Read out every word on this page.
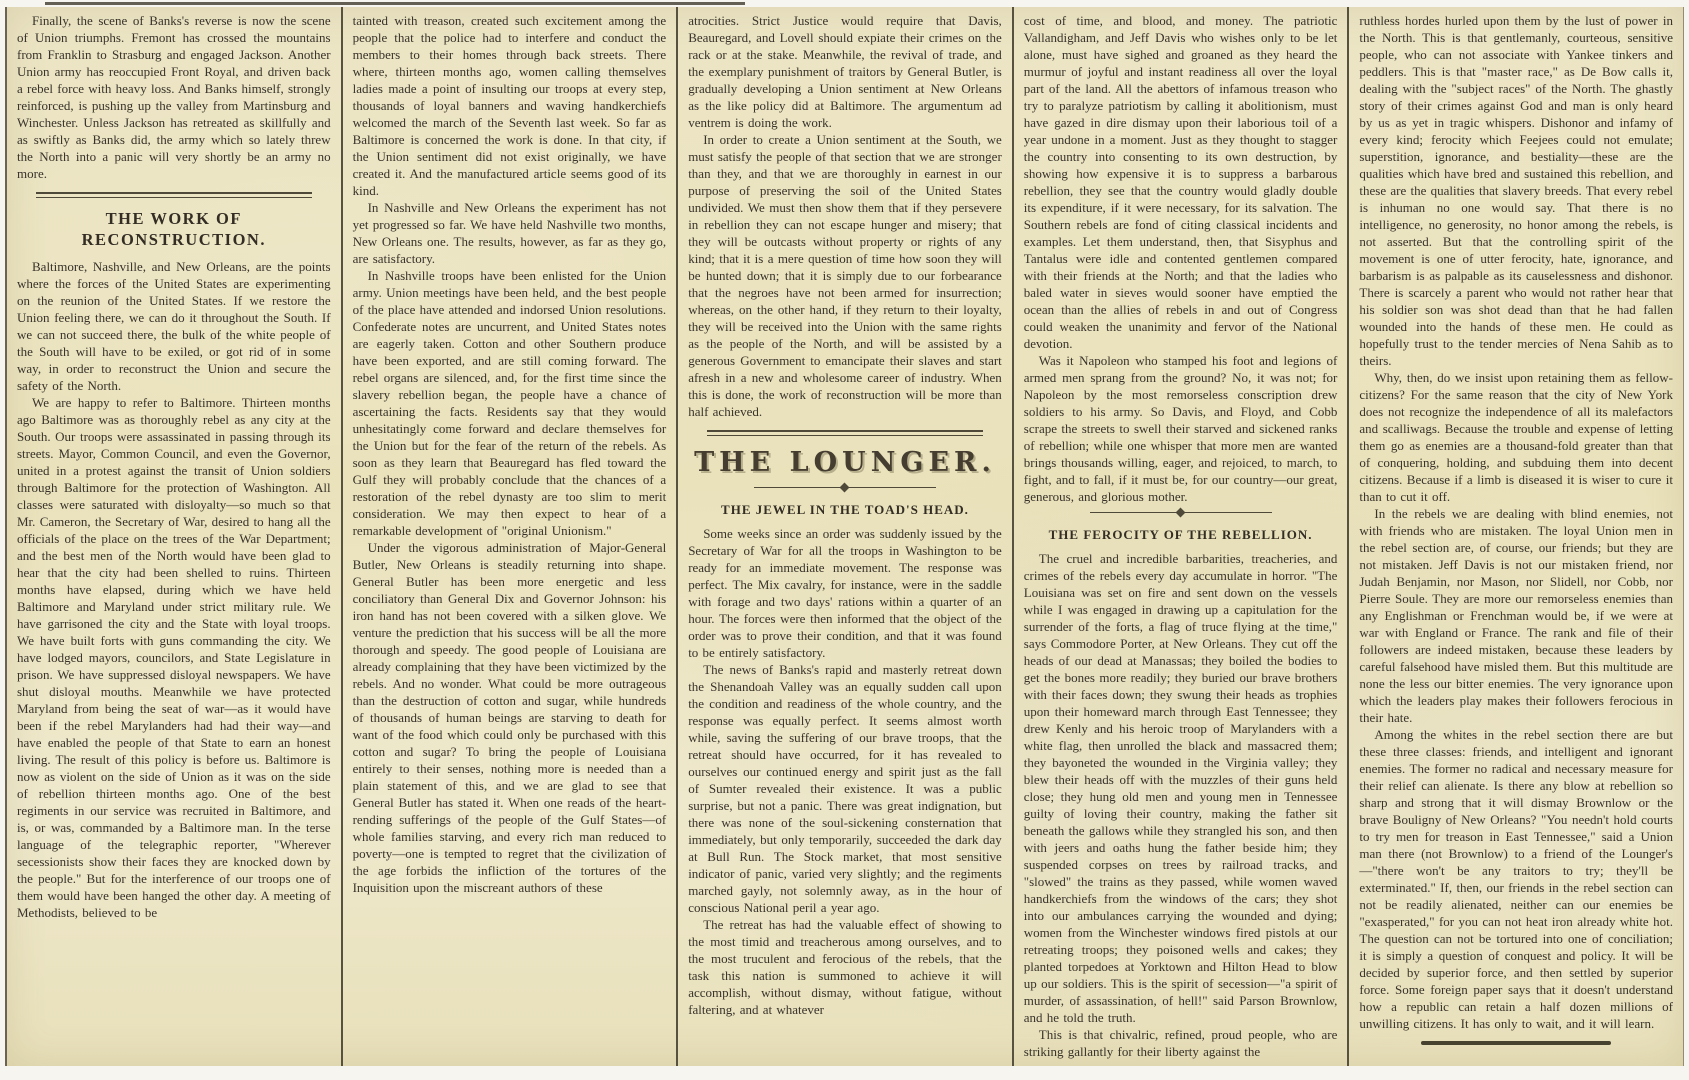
Finally, the scene of Banks's reverse is now the scene of Union triumphs. Fremont has crossed the mountains from Franklin to Strasburg and engaged Jackson. Another Union army has reoccupied Front Royal, and driven back a rebel force with heavy loss. And Banks himself, strongly reinforced, is pushing up the valley from Martinsburg and Winchester. Unless Jackson has retreated as skillfully and as swiftly as Banks did, the army which so lately threw the North into a panic will very shortly be an army no more.

THE WORK OF RECONSTRUCTION.

Baltimore, Nashville, and New Orleans, are the points where the forces of the United States are experimenting on the reunion of the United States. If we restore the Union feeling there, we can do it throughout the South. If we can not succeed there, the bulk of the white people of the South will have to be exiled, or got rid of in some way, in order to reconstruct the Union and secure the safety of the North.

We are happy to refer to Baltimore. Thirteen months ago Baltimore was as thoroughly rebel as any city at the South. Our troops were assassinated in passing through its streets. Mayor, Common Council, and even the Governor, united in a protest against the transit of Union soldiers through Baltimore for the protection of Washington. All classes were saturated with disloyalty—so much so that Mr. Cameron, the Secretary of War, desired to hang all the officials of the place on the trees of the War Department; and the best men of the North would have been glad to hear that the city had been shelled to ruins. Thirteen months have elapsed, during which we have held Baltimore and Maryland under strict military rule. We have garrisoned the city and the State with loyal troops. We have built forts with guns commanding the city. We have lodged mayors, councilors, and State Legislature in prison. We have suppressed disloyal newspapers. We have shut disloyal mouths. Meanwhile we have protected Maryland from being the seat of war—as it would have been if the rebel Marylanders had had their way—and have enabled the people of that State to earn an honest living. The result of this policy is before us. Baltimore is now as violent on the side of Union as it was on the side of rebellion thirteen months ago. One of the best regiments in our service was recruited in Baltimore, and is, or was, commanded by a Baltimore man. In the terse language of the telegraphic reporter, "Wherever secessionists show their faces they are knocked down by the people." But for the interference of our troops one of them would have been hanged the other day. A meeting of Methodists, believed to be

tainted with treason, created such excitement among the people that the police had to interfere and conduct the members to their homes through back streets. There where, thirteen months ago, women calling themselves ladies made a point of insulting our troops at every step, thousands of loyal banners and waving handkerchiefs welcomed the march of the Seventh last week. So far as Baltimore is concerned the work is done. In that city, if the Union sentiment did not exist originally, we have created it. And the manufactured article seems good of its kind.

In Nashville and New Orleans the experiment has not yet progressed so far. We have held Nashville two months, New Orleans one. The results, however, as far as they go, are satisfactory.

In Nashville troops have been enlisted for the Union army. Union meetings have been held, and the best people of the place have attended and indorsed Union resolutions. Confederate notes are uncurrent, and United States notes are eagerly taken. Cotton and other Southern produce have been exported, and are still coming forward. The rebel organs are silenced, and, for the first time since the slavery rebellion began, the people have a chance of ascertaining the facts. Residents say that they would unhesitatingly come forward and declare themselves for the Union but for the fear of the return of the rebels. As soon as they learn that Beauregard has fled toward the Gulf they will probably conclude that the chances of a restoration of the rebel dynasty are too slim to merit consideration. We may then expect to hear of a remarkable development of "original Unionism."

Under the vigorous administration of Major-General Butler, New Orleans is steadily returning into shape. General Butler has been more energetic and less conciliatory than General Dix and Governor Johnson: his iron hand has not been covered with a silken glove. We venture the prediction that his success will be all the more thorough and speedy. The good people of Louisiana are already complaining that they have been victimized by the rebels. And no wonder. What could be more outrageous than the destruction of cotton and sugar, while hundreds of thousands of human beings are starving to death for want of the food which could only be purchased with this cotton and sugar? To bring the people of Louisiana entirely to their senses, nothing more is needed than a plain statement of this, and we are glad to see that General Butler has stated it. When one reads of the heart-rending sufferings of the people of the Gulf States—of whole families starving, and every rich man reduced to poverty—one is tempted to regret that the civilization of the age forbids the infliction of the tortures of the Inquisition upon the miscreant authors of these

atrocities. Strict Justice would require that Davis, Beauregard, and Lovell should expiate their crimes on the rack or at the stake. Meanwhile, the revival of trade, and the exemplary punishment of traitors by General Butler, is gradually developing a Union sentiment at New Orleans as the like policy did at Baltimore. The argumentum ad ventrem is doing the work.

In order to create a Union sentiment at the South, we must satisfy the people of that section that we are stronger than they, and that we are thoroughly in earnest in our purpose of preserving the soil of the United States undivided. We must then show them that if they persevere in rebellion they can not escape hunger and misery; that they will be outcasts without property or rights of any kind; that it is a mere question of time how soon they will be hunted down; that it is simply due to our forbearance that the negroes have not been armed for insurrection; whereas, on the other hand, if they return to their loyalty, they will be received into the Union with the same rights as the people of the North, and will be assisted by a generous Government to emancipate their slaves and start afresh in a new and wholesome career of industry. When this is done, the work of reconstruction will be more than half achieved.

THE LOUNGER.
THE JEWEL IN THE TOAD'S HEAD.

Some weeks since an order was suddenly issued by the Secretary of War for all the troops in Washington to be ready for an immediate movement. The response was perfect. The Mix cavalry, for instance, were in the saddle with forage and two days' rations within a quarter of an hour. The forces were then informed that the object of the order was to prove their condition, and that it was found to be entirely satisfactory.

The news of Banks's rapid and masterly retreat down the Shenandoah Valley was an equally sudden call upon the condition and readiness of the whole country, and the response was equally perfect. It seems almost worth while, saving the suffering of our brave troops, that the retreat should have occurred, for it has revealed to ourselves our continued energy and spirit just as the fall of Sumter revealed their existence. It was a public surprise, but not a panic. There was great indignation, but there was none of the soul-sickening consternation that immediately, but only temporarily, succeeded the dark day at Bull Run. The Stock market, that most sensitive indicator of panic, varied very slightly; and the regiments marched gayly, not solemnly away, as in the hour of conscious National peril a year ago.

The retreat has had the valuable effect of showing to the most timid and treacherous among ourselves, and to the most truculent and ferocious of the rebels, that the task this nation is summoned to achieve it will accomplish, without dismay, without fatigue, without faltering, and at whatever

cost of time, and blood, and money. The patriotic Vallandigham, and Jeff Davis who wishes only to be let alone, must have sighed and groaned as they heard the murmur of joyful and instant readiness all over the loyal part of the land. All the abettors of infamous treason who try to paralyze patriotism by calling it abolitionism, must have gazed in dire dismay upon their laborious toil of a year undone in a moment. Just as they thought to stagger the country into consenting to its own destruction, by showing how expensive it is to suppress a barbarous rebellion, they see that the country would gladly double its expenditure, if it were necessary, for its salvation. The Southern rebels are fond of citing classical incidents and examples. Let them understand, then, that Sisyphus and Tantalus were idle and contented gentlemen compared with their friends at the North; and that the ladies who baled water in sieves would sooner have emptied the ocean than the allies of rebels in and out of Congress could weaken the unanimity and fervor of the National devotion.

Was it Napoleon who stamped his foot and legions of armed men sprang from the ground? No, it was not; for Napoleon by the most remorseless conscription drew soldiers to his army. So Davis, and Floyd, and Cobb scrape the streets to swell their starved and sickened ranks of rebellion; while one whisper that more men are wanted brings thousands willing, eager, and rejoiced, to march, to fight, and to fall, if it must be, for our country—our great, generous, and glorious mother.

THE FEROCITY OF THE REBELLION.

The cruel and incredible barbarities, treacheries, and crimes of the rebels every day accumulate in horror. "The Louisiana was set on fire and sent down on the vessels while I was engaged in drawing up a capitulation for the surrender of the forts, a flag of truce flying at the time," says Commodore Porter, at New Orleans. They cut off the heads of our dead at Manassas; they boiled the bodies to get the bones more readily; they buried our brave brothers with their faces down; they swung their heads as trophies upon their homeward march through East Tennessee; they drew Kenly and his heroic troop of Marylanders with a white flag, then unrolled the black and massacred them; they bayoneted the wounded in the Virginia valley; they blew their heads off with the muzzles of their guns held close; they hung old men and young men in Tennessee guilty of loving their country, making the father sit beneath the gallows while they strangled his son, and then with jeers and oaths hung the father beside him; they suspended corpses on trees by railroad tracks, and "slowed" the trains as they passed, while women waved handkerchiefs from the windows of the cars; they shot into our ambulances carrying the wounded and dying; women from the Winchester windows fired pistols at our retreating troops; they poisoned wells and cakes; they planted torpedoes at Yorktown and Hilton Head to blow up our soldiers. This is the spirit of secession—"a spirit of murder, of assassination, of hell!" said Parson Brownlow, and he told the truth.

This is that chivalric, refined, proud people, who are striking gallantly for their liberty against the

ruthless hordes hurled upon them by the lust of power in the North. This is that gentlemanly, courteous, sensitive people, who can not associate with Yankee tinkers and peddlers. This is that "master race," as De Bow calls it, dealing with the "subject races" of the North. The ghastly story of their crimes against God and man is only heard by us as yet in tragic whispers. Dishonor and infamy of every kind; ferocity which Feejees could not emulate; superstition, ignorance, and bestiality—these are the qualities which have bred and sustained this rebellion, and these are the qualities that slavery breeds. That every rebel is inhuman no one would say. That there is no intelligence, no generosity, no honor among the rebels, is not asserted. But that the controlling spirit of the movement is one of utter ferocity, hate, ignorance, and barbarism is as palpable as its causelessness and dishonor. There is scarcely a parent who would not rather hear that his soldier son was shot dead than that he had fallen wounded into the hands of these men. He could as hopefully trust to the tender mercies of Nena Sahib as to theirs.

Why, then, do we insist upon retaining them as fellow-citizens? For the same reason that the city of New York does not recognize the independence of all its malefactors and scalliwags. Because the trouble and expense of letting them go as enemies are a thousand-fold greater than that of conquering, holding, and subduing them into decent citizens. Because if a limb is diseased it is wiser to cure it than to cut it off.

In the rebels we are dealing with blind enemies, not with friends who are mistaken. The loyal Union men in the rebel section are, of course, our friends; but they are not mistaken. Jeff Davis is not our mistaken friend, nor Judah Benjamin, nor Mason, nor Slidell, nor Cobb, nor Pierre Soule. They are more our remorseless enemies than any Englishman or Frenchman would be, if we were at war with England or France. The rank and file of their followers are indeed mistaken, because these leaders by careful falsehood have misled them. But this multitude are none the less our bitter enemies. The very ignorance upon which the leaders play makes their followers ferocious in their hate.

Among the whites in the rebel section there are but these three classes: friends, and intelligent and ignorant enemies. The former no radical and necessary measure for their relief can alienate. Is there any blow at rebellion so sharp and strong that it will dismay Brownlow or the brave Bouligny of New Orleans? "You needn't hold courts to try men for treason in East Tennessee," said a Union man there (not Brownlow) to a friend of the Lounger's—"there won't be any traitors to try; they'll be exterminated." If, then, our friends in the rebel section can not be readily alienated, neither can our enemies be "exasperated," for you can not heat iron already white hot. The question can not be tortured into one of conciliation; it is simply a question of conquest and policy. It will be decided by superior force, and then settled by superior force. Some foreign paper says that it doesn't understand how a republic can retain a half dozen millions of unwilling citizens. It has only to wait, and it will learn.
